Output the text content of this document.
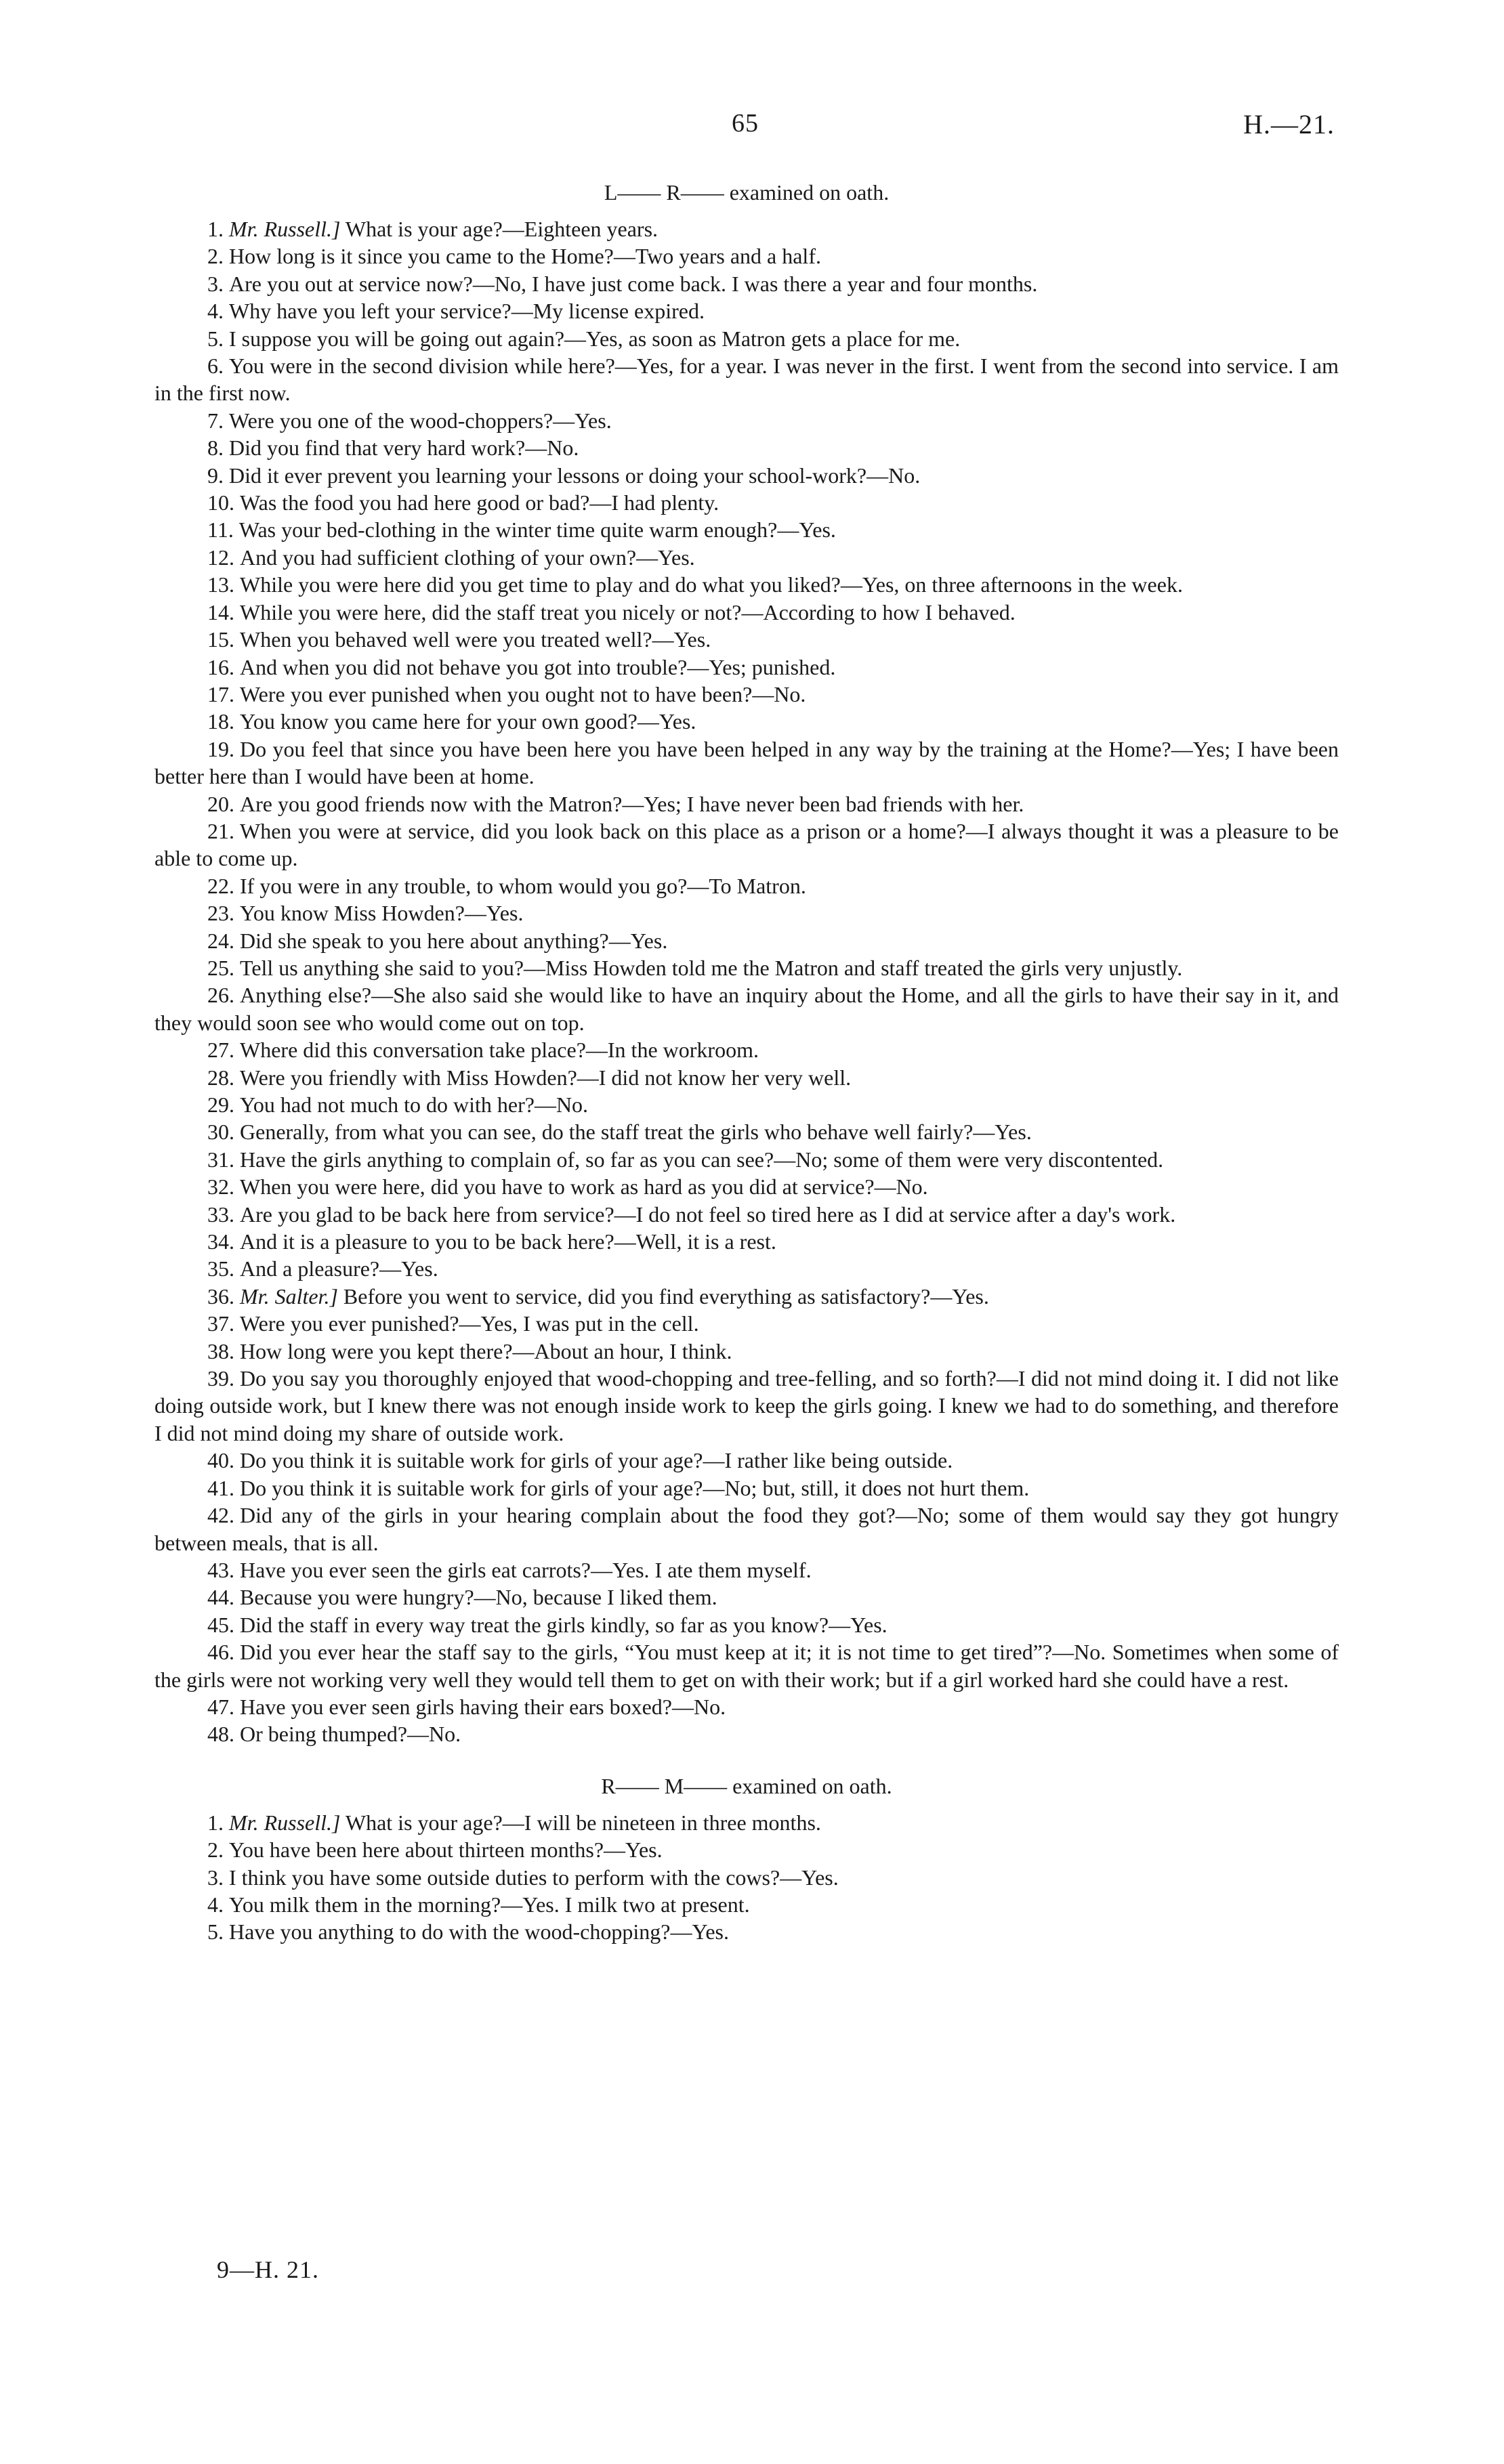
65	H.—21.
L—— R—— examined on oath.

1. Mr. Russell.] What is your age?—Eighteen years.

2. How long is it since you came to the Home?—Two years and a half.

3. Are you out at service now?—No, I have just come back. I was there a year and four months.

4. Why have you left your service?—My license expired.

5. I suppose you will be going out again?—Yes, as soon as Matron gets a place for me.

6. You were in the second division while here?—Yes, for a year. I was never in the first. I went from the second into service. I am in the first now.

7. Were you one of the wood-choppers?—Yes.

8. Did you find that very hard work?—No.

9. Did it ever prevent you learning your lessons or doing your school-work?—No.

10. Was the food you had here good or bad?—I had plenty.

11. Was your bed-clothing in the winter time quite warm enough?—Yes.

12. And you had sufficient clothing of your own?—Yes.

13. While you were here did you get time to play and do what you liked?—Yes, on three afternoons in the week.

14. While you were here, did the staff treat you nicely or not?—According to how I behaved.

15. When you behaved well were you treated well?—Yes.

16. And when you did not behave you got into trouble?—Yes; punished.

17. Were you ever punished when you ought not to have been?—No.

18. You know you came here for your own good?—Yes.

19. Do you feel that since you have been here you have been helped in any way by the training at the Home?—Yes; I have been better here than I would have been at home.

20. Are you good friends now with the Matron?—Yes; I have never been bad friends with her.

21. When you were at service, did you look back on this place as a prison or a home?—I always thought it was a pleasure to be able to come up.

22. If you were in any trouble, to whom would you go?—To Matron.

23. You know Miss Howden?—Yes.

24. Did she speak to you here about anything?—Yes.

25. Tell us anything she said to you?—Miss Howden told me the Matron and staff treated the girls very unjustly.

26. Anything else?—She also said she would like to have an inquiry about the Home, and all the girls to have their say in it, and they would soon see who would come out on top.

27. Where did this conversation take place?—In the workroom.

28. Were you friendly with Miss Howden?—I did not know her very well.

29. You had not much to do with her?—No.

30. Generally, from what you can see, do the staff treat the girls who behave well fairly?—Yes.

31. Have the girls anything to complain of, so far as you can see?—No; some of them were very discontented.

32. When you were here, did you have to work as hard as you did at service?—No.

33. Are you glad to be back here from service?—I do not feel so tired here as I did at service after a day's work.

34. And it is a pleasure to you to be back here?—Well, it is a rest.

35. And a pleasure?—Yes.

36. Mr. Salter.] Before you went to service, did you find everything as satisfactory?—Yes.

37. Were you ever punished?—Yes, I was put in the cell.

38. How long were you kept there?—About an hour, I think.

39. Do you say you thoroughly enjoyed that wood-chopping and tree-felling, and so forth?—I did not mind doing it. I did not like doing outside work, but I knew there was not enough inside work to keep the girls going. I knew we had to do something, and therefore I did not mind doing my share of outside work.

40. Do you think it is suitable work for girls of your age?—I rather like being outside.

41. Do you think it is suitable work for girls of your age?—No; but, still, it does not hurt them.

42. Did any of the girls in your hearing complain about the food they got?—No; some of them would say they got hungry between meals, that is all.

43. Have you ever seen the girls eat carrots?—Yes. I ate them myself.

44. Because you were hungry?—No, because I liked them.

45. Did the staff in every way treat the girls kindly, so far as you know?—Yes.

46. Did you ever hear the staff say to the girls, “You must keep at it; it is not time to get tired”?—No. Sometimes when some of the girls were not working very well they would tell them to get on with their work; but if a girl worked hard she could have a rest.

47. Have you ever seen girls having their ears boxed?—No.

48. Or being thumped?—No.

R—— M—— examined on oath.

1. Mr. Russell.] What is your age?—I will be nineteen in three months.

2. You have been here about thirteen months?—Yes.

3. I think you have some outside duties to perform with the cows?—Yes.

4. You milk them in the morning?—Yes. I milk two at present.

5. Have you anything to do with the wood-chopping?—Yes.

9—H. 21.
